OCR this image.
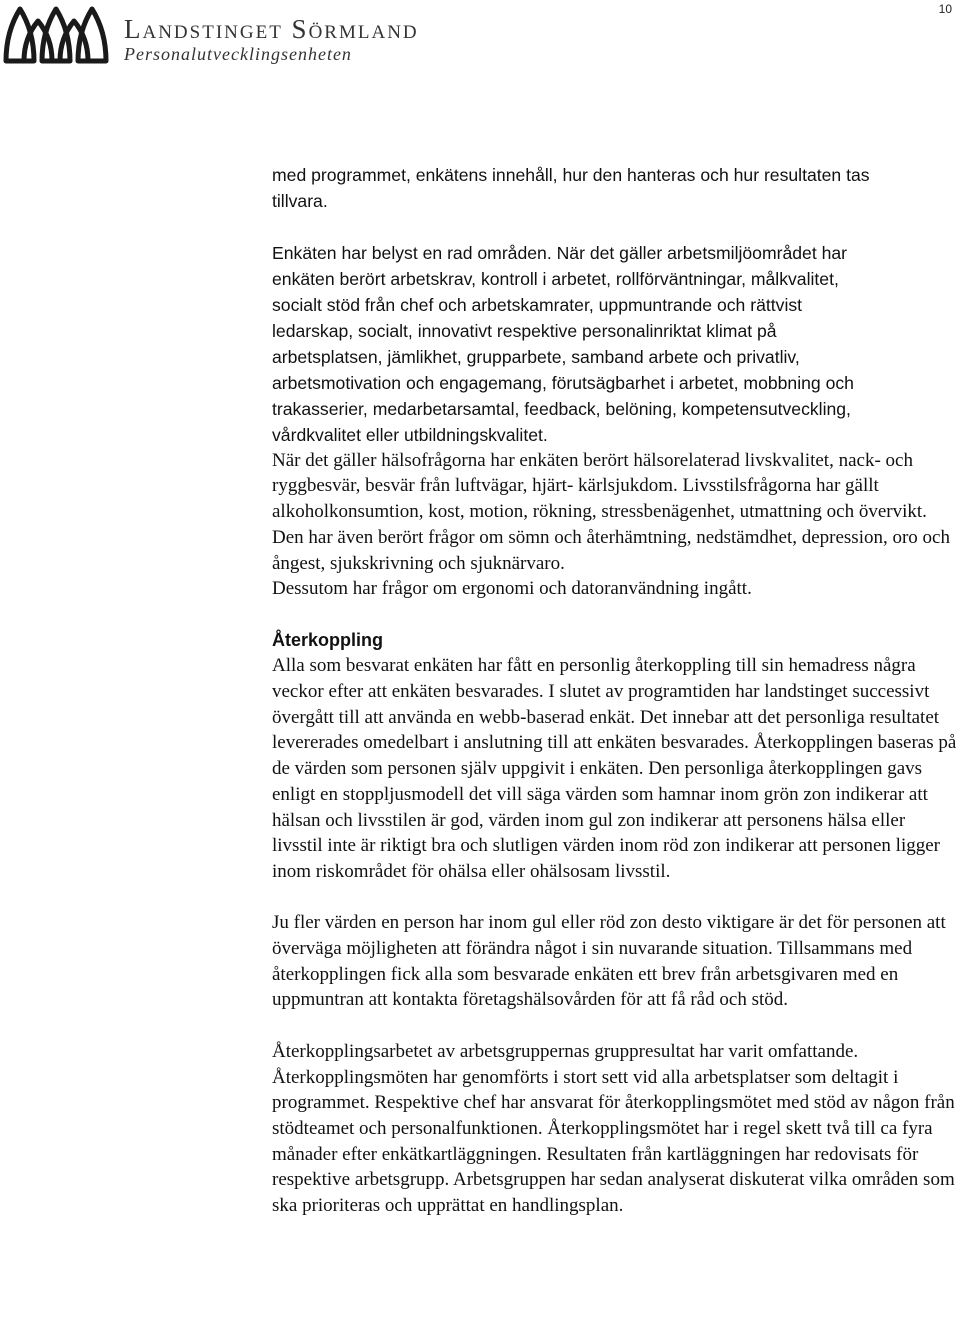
Landstinget Sörmland
Personalutvecklingsenheten
10

med programmet, enkätens innehåll, hur den hanteras och hur resultaten tas

tillvara.

Enkäten har belyst en rad områden. När det gäller arbetsmiljöområdet har

enkäten berört arbetskrav, kontroll i arbetet, rollförväntningar, målkvalitet,

socialt stöd från chef och arbetskamrater, uppmuntrande och rättvist

ledarskap, socialt, innovativt respektive personalinriktat klimat på

arbetsplatsen, jämlikhet, grupparbete, samband arbete och privatliv,

arbetsmotivation och engagemang, förutsägbarhet i arbetet, mobbning och

trakasserier, medarbetarsamtal, feedback, belöning, kompetensutveckling,

vårdkvalitet eller utbildningskvalitet.

När det gäller hälsofrågorna har enkäten berört hälsorelaterad livskvalitet, nack- och ryggbesvär, besvär från luftvägar, hjärt- kärlsjukdom. Livsstilsfrågorna har gällt alkoholkonsumtion, kost, motion, rökning, stressbenägenhet, utmattning och övervikt. Den har även berört frågor om sömn och återhämtning, nedstämdhet, depression, oro och ångest, sjukskrivning och sjuknärvaro.

Dessutom har frågor om ergonomi och datoranvändning ingått.

Återkoppling

Alla som besvarat enkäten har fått en personlig återkoppling till sin hemadress några veckor efter att enkäten besvarades. I slutet av programtiden har landstinget successivt övergått till att använda en webb-baserad enkät. Det innebar att det personliga resultatet levererades omedelbart i anslutning till att enkäten besvarades. Återkopplingen baseras på de värden som personen själv uppgivit i enkäten. Den personliga återkopplingen gavs enligt en stoppljusmodell det vill säga värden som hamnar inom grön zon indikerar att hälsan och livsstilen är god, värden inom gul zon indikerar att personens hälsa eller livsstil inte är riktigt bra och slutligen värden inom röd zon indikerar att personen ligger inom riskområdet för ohälsa eller ohälsosam livsstil.

Ju fler värden en person har inom gul eller röd zon desto viktigare är det för personen att överväga möjligheten att förändra något i sin nuvarande situation. Tillsammans med återkopplingen fick alla som besvarade enkäten ett brev från arbetsgivaren med en uppmuntran att kontakta företagshälsovården för att få råd och stöd.

Återkopplingsarbetet av arbetsgruppernas gruppresultat har varit omfattande. Återkopplingsmöten har genomförts i stort sett vid alla arbetsplatser som deltagit i programmet. Respektive chef har ansvarat för återkopplingsmötet med stöd av någon från stödteamet och personalfunktionen. Återkopplingsmötet har i regel skett två till ca fyra månader efter enkätkartläggningen. Resultaten från kartläggningen har redovisats för respektive arbetsgrupp. Arbetsgruppen har sedan analyserat diskuterat vilka områden som ska prioriteras och upprättat en handlingsplan.
